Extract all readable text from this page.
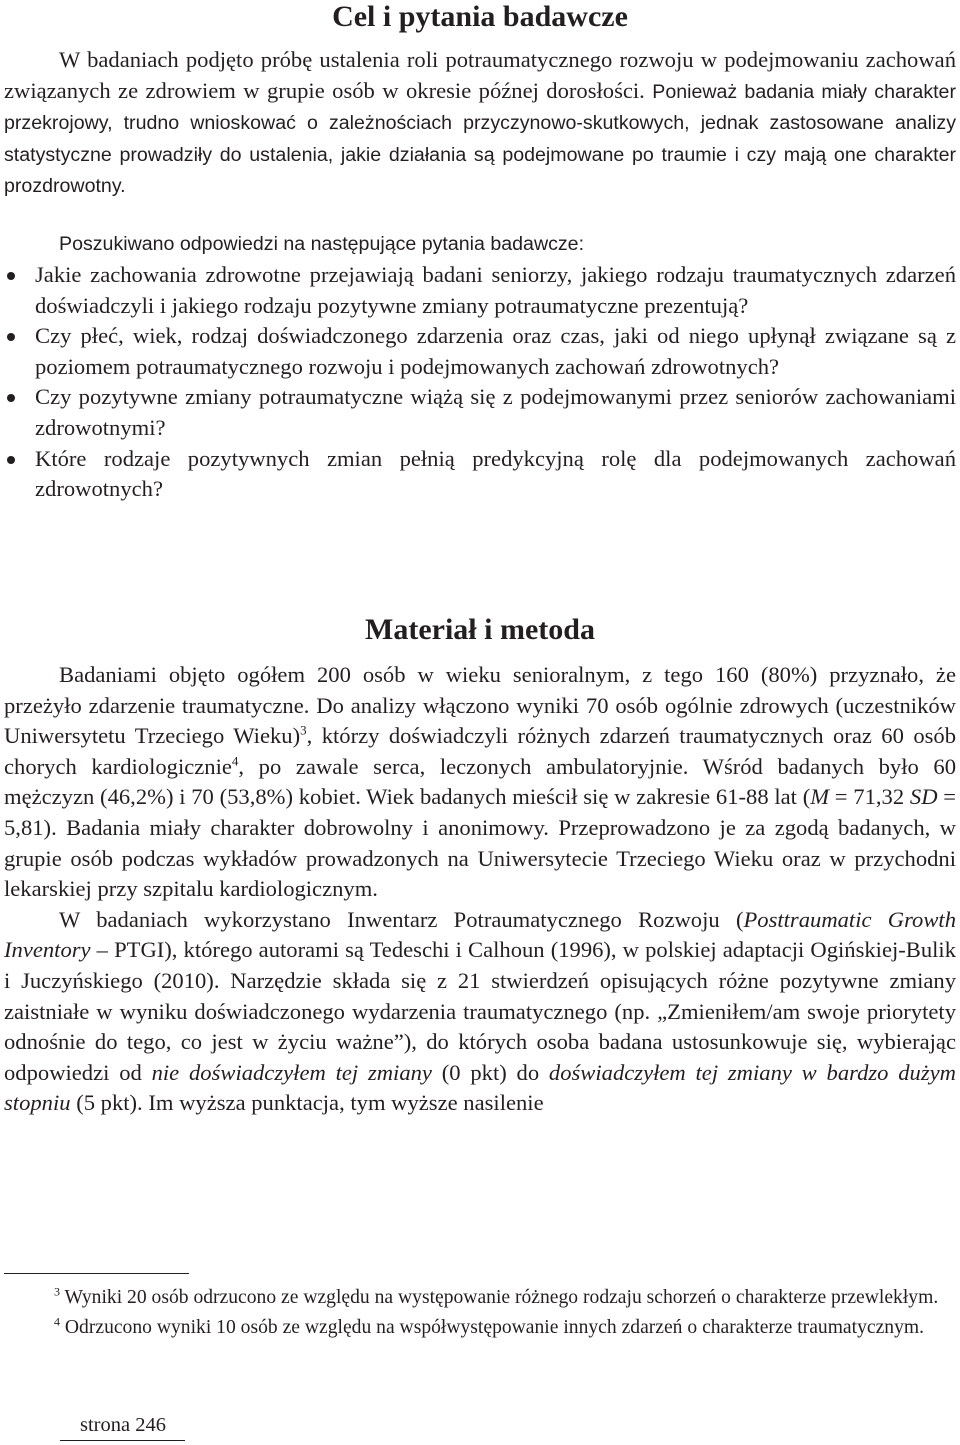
Cel i pytania badawcze

W badaniach podjęto próbę ustalenia roli potraumatycznego rozwoju w podejmowaniu zachowań związanych ze zdrowiem w grupie osób w okresie późnej dorosłości. Ponieważ badania miały charakter przekrojowy, trudno wnioskować o zależnościach przyczynowo-skutkowych, jednak zastosowane analizy statystyczne prowadziły do ustalenia, jakie działania są podejmowane po traumie i czy mają one charakter prozdrowotny.

Poszukiwano odpowiedzi na następujące pytania badawcze:

Jakie zachowania zdrowotne przejawiają badani seniorzy, jakiego rodzaju traumatycznych zdarzeń doświadczyli i jakiego rodzaju pozytywne zmiany potraumatyczne prezentują?
Czy płeć, wiek, rodzaj doświadczonego zdarzenia oraz czas, jaki od niego upłynął związane są z poziomem potraumatycznego rozwoju i podejmowanych zachowań zdrowotnych?
Czy pozytywne zmiany potraumatyczne wiążą się z podejmowanymi przez seniorów zachowaniami zdrowotnymi?
Które rodzaje pozytywnych zmian pełnią predykcyjną rolę dla podejmowanych zachowań zdrowotnych?
Materiał i metoda

Badaniami objęto ogółem 200 osób w wieku senioralnym, z tego 160 (80%) przyznało, że przeżyło zdarzenie traumatyczne. Do analizy włączono wyniki 70 osób ogólnie zdrowych (uczestników Uniwersytetu Trzeciego Wieku)$^3$, którzy doświadczyli różnych zdarzeń traumatycznych oraz 60 osób chorych kardiologicznie$^4$, po zawale serca, leczonych ambulatoryjnie. Wśród badanych było 60 mężczyzn (46,2%) i 70 (53,8%) kobiet. Wiek badanych mieścił się w zakresie 61-88 lat (M = 71,32 SD = 5,81). Badania miały charakter dobrowolny i anonimowy. Przeprowadzono je za zgodą badanych, w grupie osób podczas wykładów prowadzonych na Uniwersytecie Trzeciego Wieku oraz w przychodni lekarskiej przy szpitalu kardiologicznym.

W badaniach wykorzystano Inwentarz Potraumatycznego Rozwoju (Posttraumatic Growth Inventory – PTGI), którego autorami są Tedeschi i Calhoun (1996), w polskiej adaptacji Ogińskiej-Bulik i Juczyńskiego (2010). Narzędzie składa się z 21 stwierdzeń opisujących różne pozytywne zmiany zaistniałe w wyniku doświadczonego wydarzenia traumatycznego (np. „Zmieniłem/am swoje priorytety odnośnie do tego, co jest w życiu ważne”), do których osoba badana ustosunkowuje się, wybierając odpowiedzi od nie doświadczyłem tej zmiany (0 pkt) do doświadczyłem tej zmiany w bardzo dużym stopniu (5 pkt). Im wyższa punktacja, tym wyższe nasilenie

$^3$ Wyniki 20 osób odrzucono ze względu na występowanie różnego rodzaju schorzeń o charakterze przewlekłym.

$^4$ Odrzucono wyniki 10 osób ze względu na współwystępowanie innych zdarzeń o charakterze traumatycznym.

strona 246
